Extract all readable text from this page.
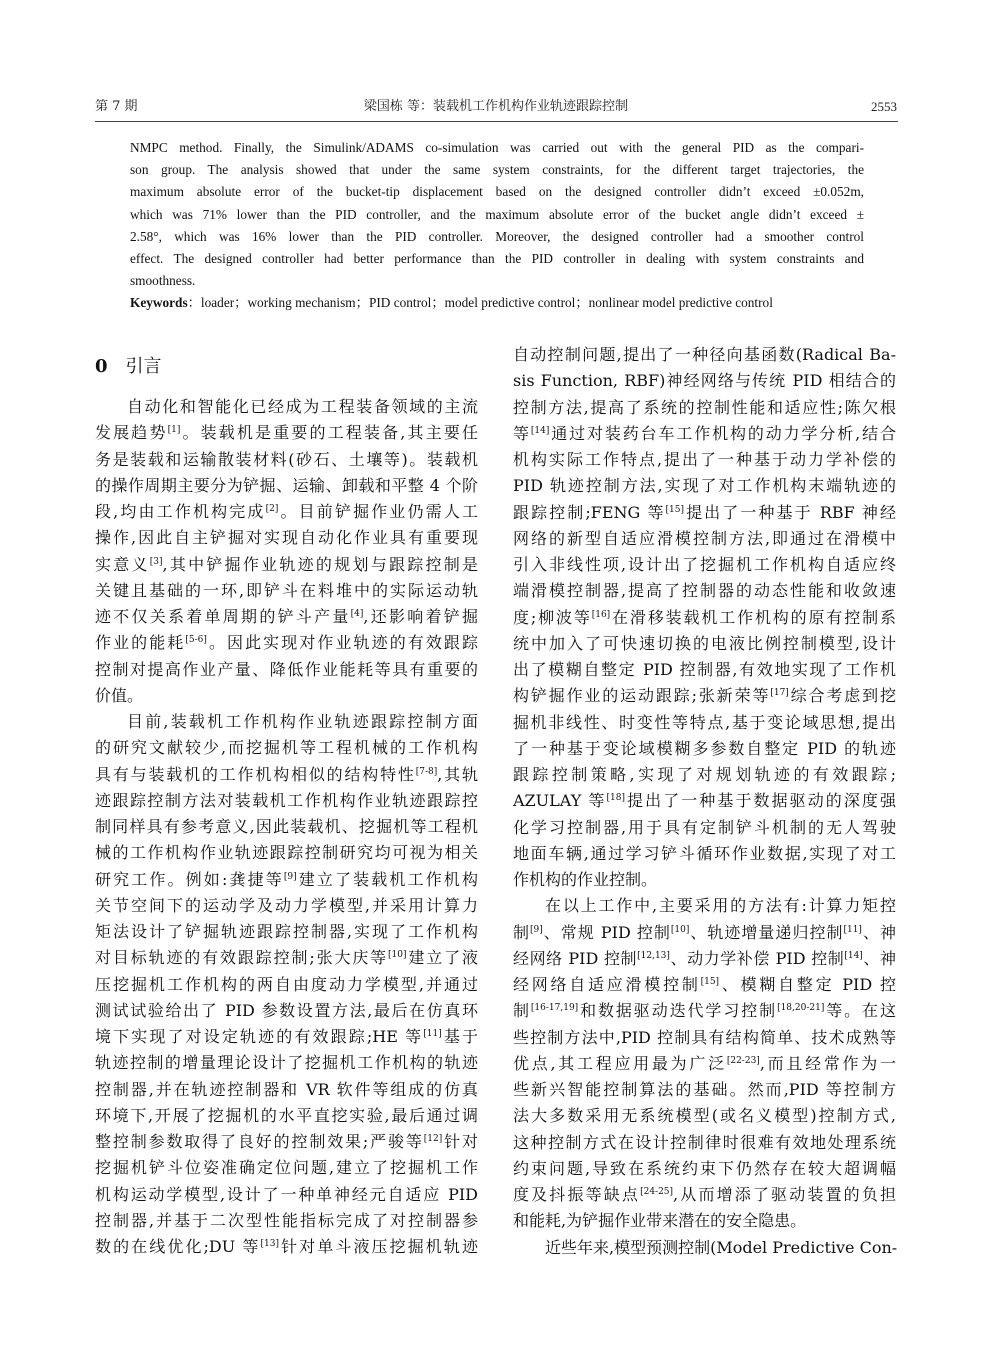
第 7 期	梁国栋 等：装载机工作机构作业轨迹跟踪控制	2553
NMPC method. Finally, the Simulink/ADAMS co-simulation was carried out with the general PID as the compari-
son group. The analysis showed that under the same system constraints, for the different target trajectories, the
maximum absolute error of the bucket-tip displacement based on the designed controller didn’t exceed ±0.052m,
which was 71% lower than the PID controller, and the maximum absolute error of the bucket angle didn’t exceed ±
2.58°, which was 16% lower than the PID controller. Moreover, the designed controller had a smoother control
effect. The designed controller had better performance than the PID controller in dealing with system constraints and
smoothness.
Keywords：loader；working mechanism；PID control；model predictive control；nonlinear model predictive control
0 引言
自动化和智能化已经成为工程装备领域的主流
发展趋势[1]。装载机是重要的工程装备,其主要任
务是装载和运输散装材料(砂石、土壤等)。装载机
的操作周期主要分为铲掘、运输、卸载和平整 4 个阶
段,均由工作机构完成[2]。目前铲掘作业仍需人工
操作,因此自主铲掘对实现自动化作业具有重要现
实意义[3],其中铲掘作业轨迹的规划与跟踪控制是
关键且基础的一环,即铲斗在料堆中的实际运动轨
迹不仅关系着单周期的铲斗产量[4],还影响着铲掘
作业的能耗[5-6]。因此实现对作业轨迹的有效跟踪
控制对提高作业产量、降低作业能耗等具有重要的
价值。
目前,装载机工作机构作业轨迹跟踪控制方面
的研究文献较少,而挖掘机等工程机械的工作机构
具有与装载机的工作机构相似的结构特性[7-8],其轨
迹跟踪控制方法对装载机工作机构作业轨迹跟踪控
制同样具有参考意义,因此装载机、挖掘机等工程机
械的工作机构作业轨迹跟踪控制研究均可视为相关
研究工作。例如:龚捷等[9]建立了装载机工作机构
关节空间下的运动学及动力学模型,并采用计算力
矩法设计了铲掘轨迹跟踪控制器,实现了工作机构
对目标轨迹的有效跟踪控制;张大庆等[10]建立了液
压挖掘机工作机构的两自由度动力学模型,并通过
测试试验给出了 PID 参数设置方法,最后在仿真环
境下实现了对设定轨迹的有效跟踪;HE 等[11]基于
轨迹控制的增量理论设计了挖掘机工作机构的轨迹
控制器,并在轨迹控制器和 VR 软件等组成的仿真
环境下,开展了挖掘机的水平直挖实验,最后通过调
整控制参数取得了良好的控制效果;严骏等[12]针对
挖掘机铲斗位姿准确定位问题,建立了挖掘机工作
机构运动学模型,设计了一种单神经元自适应 PID
控制器,并基于二次型性能指标完成了对控制器参
数的在线优化;DU 等[13]针对单斗液压挖掘机轨迹
自动控制问题,提出了一种径向基函数(Radical Ba-
sis Function, RBF)神经网络与传统 PID 相结合的
控制方法,提高了系统的控制性能和适应性;陈欠根
等[14]通过对装药台车工作机构的动力学分析,结合
机构实际工作特点,提出了一种基于动力学补偿的
PID 轨迹控制方法,实现了对工作机构末端轨迹的
跟踪控制;FENG 等[15]提出了一种基于 RBF 神经
网络的新型自适应滑模控制方法,即通过在滑模中
引入非线性项,设计出了挖掘机工作机构自适应终
端滑模控制器,提高了控制器的动态性能和收敛速
度;柳波等[16]在滑移装载机工作机构的原有控制系
统中加入了可快速切换的电液比例控制模型,设计
出了模糊自整定 PID 控制器,有效地实现了工作机
构铲掘作业的运动跟踪;张新荣等[17]综合考虑到挖
掘机非线性、时变性等特点,基于变论域思想,提出
了一种基于变论域模糊多参数自整定 PID 的轨迹
跟踪控制策略,实现了对规划轨迹的有效跟踪;
AZULAY 等[18]提出了一种基于数据驱动的深度强
化学习控制器,用于具有定制铲斗机制的无人驾驶
地面车辆,通过学习铲斗循环作业数据,实现了对工
作机构的作业控制。
在以上工作中,主要采用的方法有:计算力矩控
制[9]、常规 PID 控制[10]、轨迹增量递归控制[11]、神
经网络 PID 控制[12,13]、动力学补偿 PID 控制[14]、神
经网络自适应滑模控制[15]、模糊自整定 PID 控
制[16-17,19]和数据驱动迭代学习控制[18,20-21]等。在这
些控制方法中,PID 控制具有结构简单、技术成熟等
优点,其工程应用最为广泛[22-23],而且经常作为一
些新兴智能控制算法的基础。然而,PID 等控制方
法大多数采用无系统模型(或名义模型)控制方式,
这种控制方式在设计控制律时很难有效地处理系统
约束问题,导致在系统约束下仍然存在较大超调幅
度及抖振等缺点[24-25],从而增添了驱动装置的负担
和能耗,为铲掘作业带来潜在的安全隐患。
近些年来,模型预测控制(Model Predictive Con-
